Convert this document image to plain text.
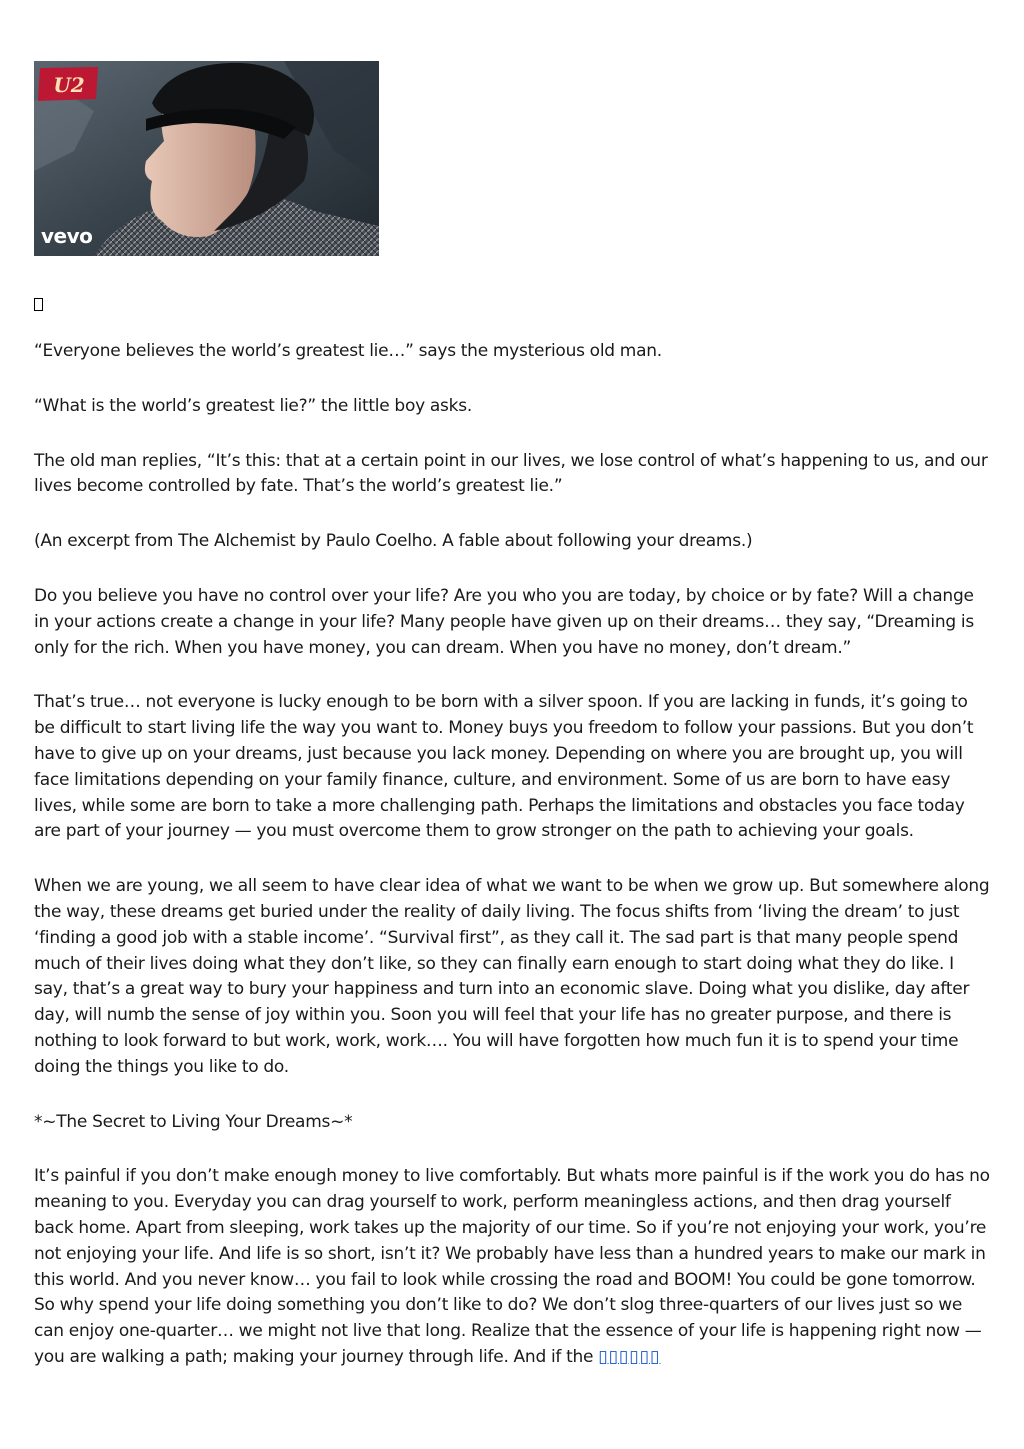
U2
vevo

“Everyone believes the world’s greatest lie…” says the mysterious old man.

“What is the world’s greatest lie?” the little boy asks.

The old man replies, “It’s this: that at a certain point in our lives, we lose control of what’s happening to us, and our lives become controlled by fate. That’s the world’s greatest lie.”

(An excerpt from The Alchemist by Paulo Coelho. A fable about following your dreams.)

Do you believe you have no control over your life? Are you who you are today, by choice or by fate? Will a change in your actions create a change in your life? Many people have given up on their dreams… they say, “Dreaming is only for the rich. When you have money, you can dream. When you have no money, don’t dream.”

That’s true… not everyone is lucky enough to be born with a silver spoon. If you are lacking in funds, it’s going to be difficult to start living life the way you want to. Money buys you freedom to follow your passions. But you don’t have to give up on your dreams, just because you lack money. Depending on where you are brought up, you will face limitations depending on your family finance, culture, and environment. Some of us are born to have easy lives, while some are born to take a more challenging path. Perhaps the limitations and obstacles you face today are part of your journey — you must overcome them to grow stronger on the path to achieving your goals.

When we are young, we all seem to have clear idea of what we want to be when we grow up. But somewhere along the way, these dreams get buried under the reality of daily living. The focus shifts from ‘living the dream’ to just ‘finding a good job with a stable income’. “Survival first”, as they call it. The sad part is that many people spend much of their lives doing what they don’t like, so they can finally earn enough to start doing what they do like. I say, that’s a great way to bury your happiness and turn into an economic slave. Doing what you dislike, day after day, will numb the sense of joy within you. Soon you will feel that your life has no greater purpose, and there is nothing to look forward to but work, work, work…. You will have forgotten how much fun it is to spend your time doing the things you like to do.

*~The Secret to Living Your Dreams~*

It’s painful if you don’t make enough money to live comfortably. But whats more painful is if the work you do has no meaning to you. Everyday you can drag yourself to work, perform meaningless actions, and then drag yourself back home. Apart from sleeping, work takes up the majority of our time. So if you’re not enjoying your work, you’re not enjoying your life. And life is so short, isn’t it? We probably have less than a hundred years to make our mark in this world. And you never know… you fail to look while crossing the road and BOOM! You could be gone tomorrow. So why spend your life doing something you don’t like to do? We don’t slog three-quarters of our lives just so we can enjoy one-quarter… we might not live that long. Realize that the essence of your life is happening right now — you are walking a path; making your journey through life. And if the ▯▯▯▯▯▯
